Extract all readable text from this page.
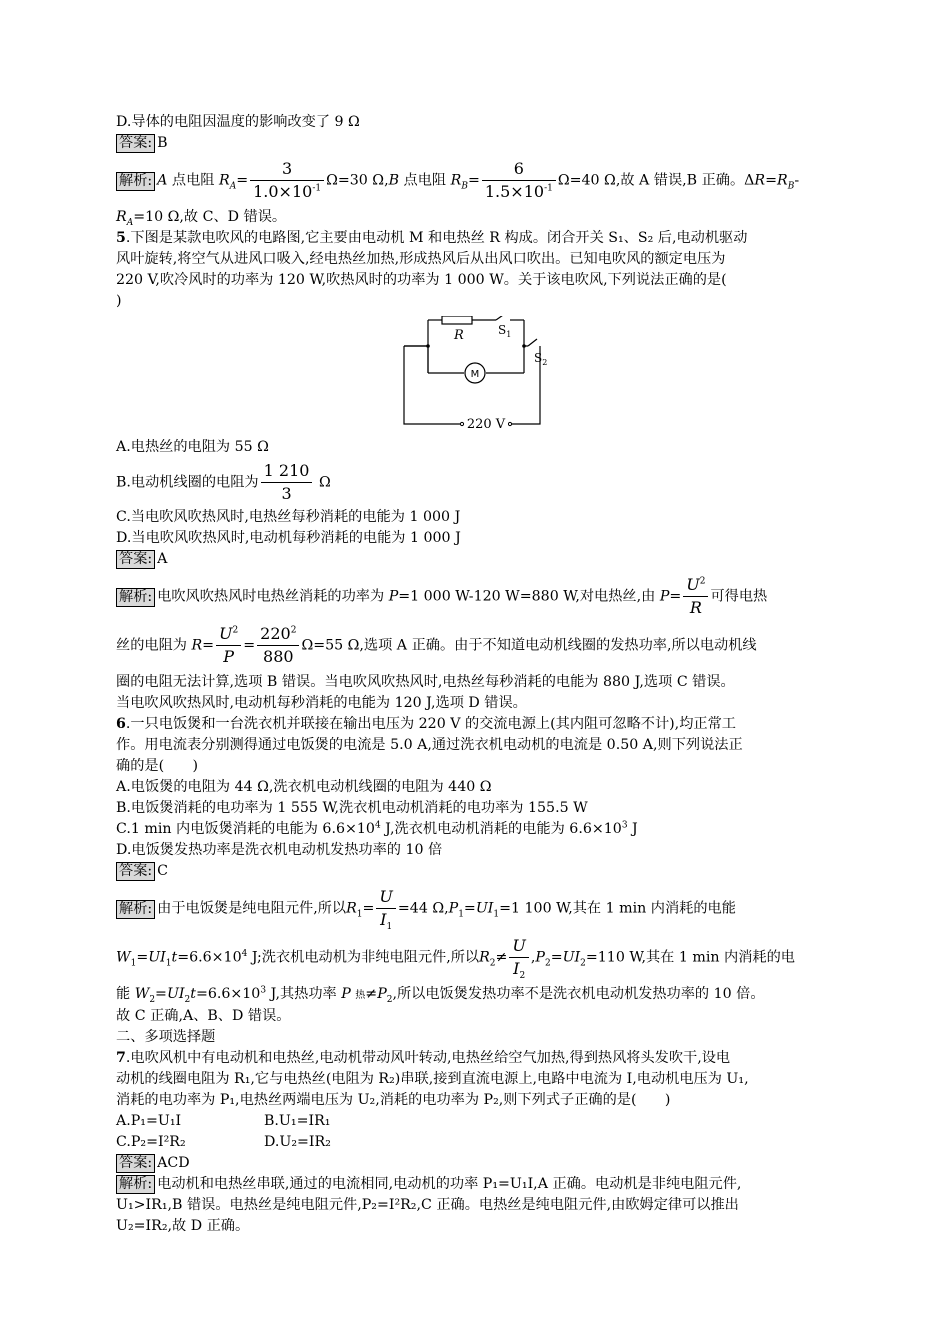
D.导体的电阻因温度的影响改变了 9 Ω
答案: B
解析: A 点电阻 $R_A= \frac{3}{1.0\times 10^{-1}} \Omega=30$ Ω,B 点电阻 $R_B= \frac{6}{1.5\times 10^{-1}} \Omega=40$ Ω,故 A 错误,B 正确。$\Delta R=R_B-$
$R_A=10$ Ω,故 C、D 错误。
5.下图是某款电吹风的电路图,它主要由电动机 M 和电热丝 R 构成。闭合开关 S₁、S₂ 后,电动机驱动
风叶旋转,将空气从进风口吸入,经电热丝加热,形成热风后从出风口吹出。已知电吹风的额定电压为
220 V,吹冷风时的功率为 120 W,吹热风时的功率为 1 000 W。关于该电吹风,下列说法正确的是(
)
R	$S_1$
$S_2$
M
220 V
A.电热丝的电阻为 55 Ω
B.电动机线圈的电阻为 $\frac{1 210}{3}$ Ω
C.当电吹风吹热风时,电热丝每秒消耗的电能为 1 000 J
D.当电吹风吹热风时,电动机每秒消耗的电能为 1 000 J
答案: A
解析: 电吹风吹热风时电热丝消耗的功率为 P=1 000 W-120 W=880 W,对电热丝,由 $P= \frac{U^2}{R}$ 可得电热
丝的电阻为 $R= \frac{U^2}{P} = \frac{220^2}{880} \Omega=55$ Ω,选项 A 正确。由于不知道电动机线圈的发热功率,所以电动机线
圈的电阻无法计算,选项 B 错误。当电吹风吹热风时,电热丝每秒消耗的电能为 880 J,选项 C 错误。
当电吹风吹热风时,电动机每秒消耗的电能为 120 J,选项 D 错误。
6.一只电饭煲和一台洗衣机并联接在输出电压为 220 V 的交流电源上(其内阻可忽略不计),均正常工
作。用电流表分别测得通过电饭煲的电流是 5.0 A,通过洗衣机电动机的电流是 0.50 A,则下列说法正
确的是(　　)
A.电饭煲的电阻为 44 Ω,洗衣机电动机线圈的电阻为 440 Ω
B.电饭煲消耗的电功率为 1 555 W,洗衣机电动机消耗的电功率为 155.5 W
C.1 min 内电饭煲消耗的电能为 $6.6\times 10^4$ J,洗衣机电动机消耗的电能为 $6.6\times 10^3$ J
D.电饭煲发热功率是洗衣机电动机发热功率的 10 倍
答案: C
解析: 由于电饭煲是纯电阻元件,所以$R_1= \frac{U}{I_1} =44$ $\Omega,P_1=UI_1=1$ 100 W,其在 1 min 内消耗的电能
$W_1=UI_1t=6.6\times 10^4$ J;洗衣机电动机为非纯电阻元件,所以$R_2\ne \frac{U}{I_2} ,P_2=UI_2=110$ W,其在 1 min 内消耗的电
能 $W_2=UI_2t=6.6\times 10^3$ J,其热功率 P 热$\ne P_2$,所以电饭煲发热功率不是洗衣机电动机发热功率的 10 倍。
故 C 正确,A、B、D 错误。
二、多项选择题
7.电吹风机中有电动机和电热丝,电动机带动风叶转动,电热丝给空气加热,得到热风将头发吹干,设电
动机的线圈电阻为 R₁,它与电热丝(电阻为 R₂)串联,接到直流电源上,电路中电流为 I,电动机电压为 U₁,
消耗的电功率为 P₁,电热丝两端电压为 U₂,消耗的电功率为 P₂,则下列式子正确的是(　　)
A.P₁=U₁I	B.U₁=IR₁
C.P₂=I²R₂	D.U₂=IR₂
答案: ACD
解析: 电动机和电热丝串联,通过的电流相同,电动机的功率 P₁=U₁I,A 正确。电动机是非纯电阻元件,
U₁>IR₁,B 错误。电热丝是纯电阻元件,P₂=I²R₂,C 正确。电热丝是纯电阻元件,由欧姆定律可以推出
U₂=IR₂,故 D 正确。
